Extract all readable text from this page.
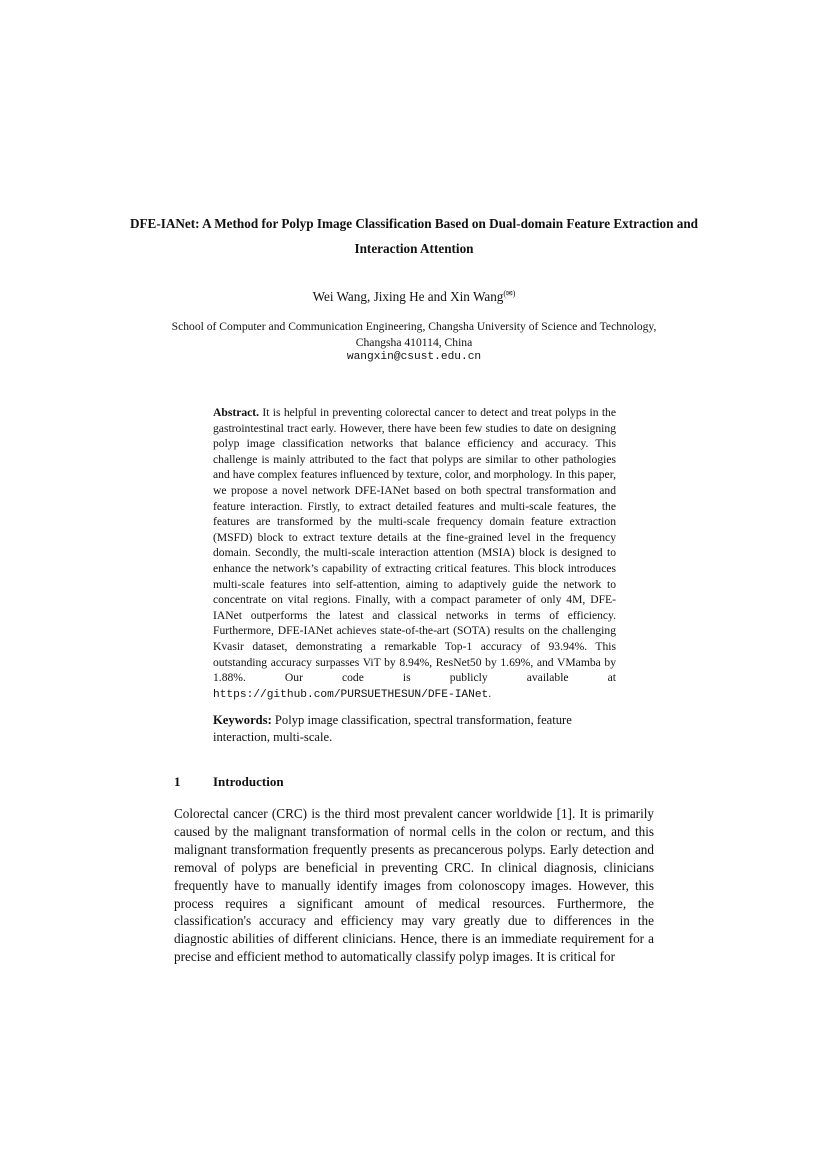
DFE-IANet: A Method for Polyp Image Classification Based on Dual-domain Feature Extraction and Interaction Attention

Wei Wang, Jixing He and Xin Wang(✉)

School of Computer and Communication Engineering, Changsha University of Science and Technology, Changsha 410114, China
wangxin@csust.edu.cn

Abstract. It is helpful in preventing colorectal cancer to detect and treat polyps in the gastrointestinal tract early. However, there have been few studies to date on designing polyp image classification networks that balance efficiency and accuracy. This challenge is mainly attributed to the fact that polyps are similar to other pathologies and have complex features influenced by texture, color, and morphology. In this paper, we propose a novel network DFE-IANet based on both spectral transformation and feature interaction. Firstly, to extract detailed features and multi-scale features, the features are transformed by the multi-scale frequency domain feature extraction (MSFD) block to extract texture details at the fine-grained level in the frequency domain. Secondly, the multi-scale interaction attention (MSIA) block is designed to enhance the network’s capability of extracting critical features. This block introduces multi-scale features into self-attention, aiming to adaptively guide the network to concentrate on vital regions. Finally, with a compact parameter of only 4M, DFE-IANet outperforms the latest and classical networks in terms of efficiency. Furthermore, DFE-IANet achieves state-of-the-art (SOTA) results on the challenging Kvasir dataset, demonstrating a remarkable Top-1 accuracy of 93.94%. This outstanding accuracy surpasses ViT by 8.94%, ResNet50 by 1.69%, and VMamba by 1.88%. Our code is publicly available at https://github.com/PURSUETHESUN/DFE-IANet.

Keywords: Polyp image classification, spectral transformation, feature interaction, multi-scale.

1	Introduction

Colorectal cancer (CRC) is the third most prevalent cancer worldwide [1]. It is primarily caused by the malignant transformation of normal cells in the colon or rectum, and this malignant transformation frequently presents as precancerous polyps. Early detection and removal of polyps are beneficial in preventing CRC. In clinical diagnosis, clinicians frequently have to manually identify images from colonoscopy images. However, this process requires a significant amount of medical resources. Furthermore, the classification's accuracy and efficiency may vary greatly due to differences in the diagnostic abilities of different clinicians. Hence, there is an immediate requirement for a precise and efficient method to automatically classify polyp images. It is critical for
